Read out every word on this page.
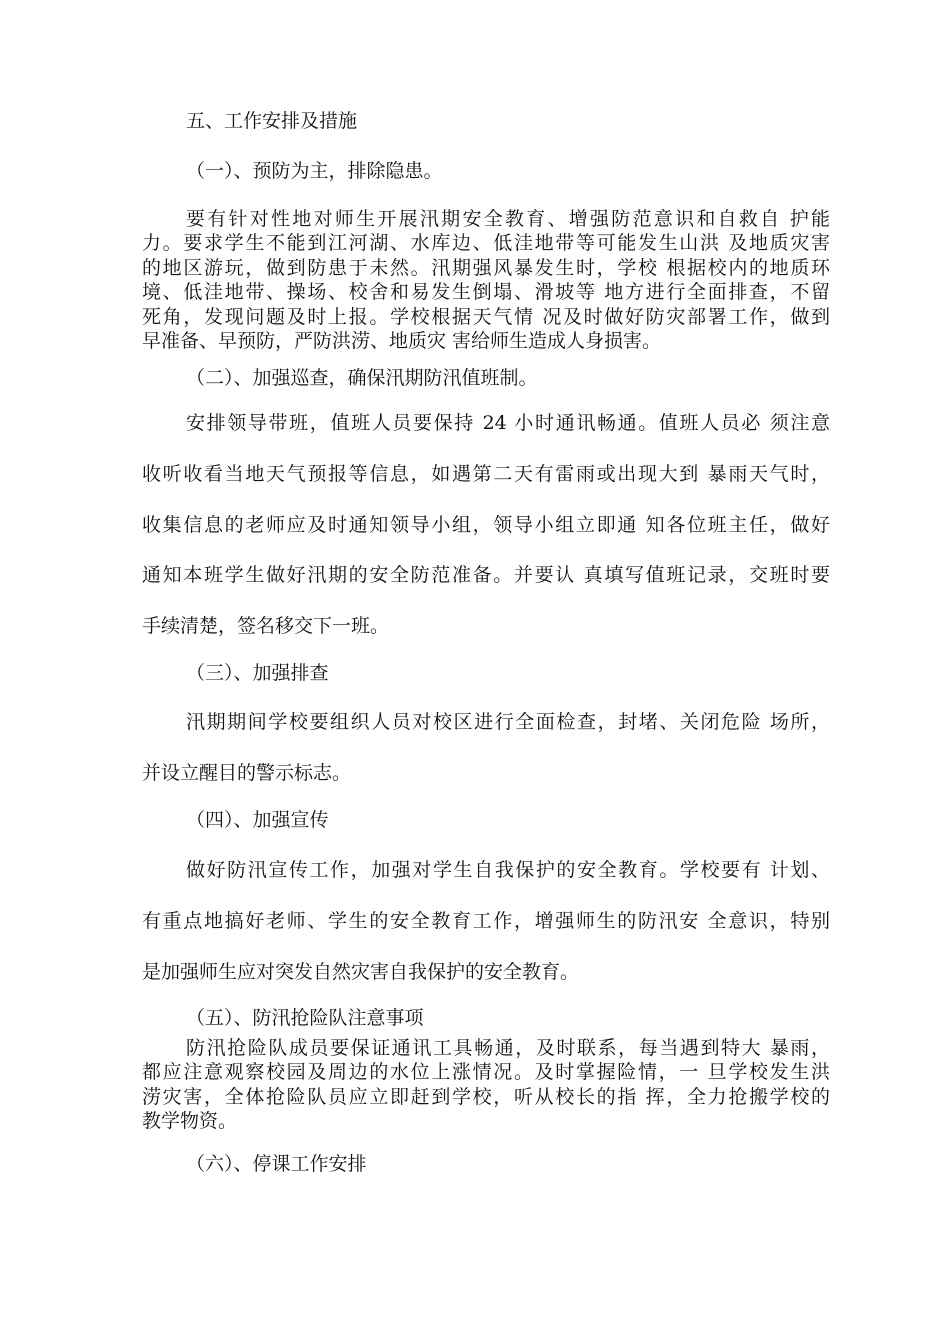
五、工作安排及措施
（一）、预防为主，排除隐患。
要有针对性地对师生开展汛期安全教育、增强防范意识和自救自 护能
力。要求学生不能到江河湖、水库边、低洼地带等可能发生山洪 及地质灾害
的地区游玩，做到防患于未然。汛期强风暴发生时，学校 根据校内的地质环
境、低洼地带、操场、校舍和易发生倒塌、滑坡等 地方进行全面排查，不留
死角，发现问题及时上报。学校根据天气情 况及时做好防灾部署工作，做到
早准备、早预防，严防洪涝、地质灾 害给师生造成人身损害。
（二）、加强巡查，确保汛期防汛值班制。
安排领导带班，值班人员要保持 24 小时通讯畅通。值班人员必 须注意
收听收看当地天气预报等信息，如遇第二天有雷雨或出现大到 暴雨天气时，
收集信息的老师应及时通知领导小组，领导小组立即通 知各位班主任，做好
通知本班学生做好汛期的安全防范准备。并要认 真填写值班记录，交班时要
手续清楚，签名移交下一班。
（三）、加强排查
汛期期间学校要组织人员对校区进行全面检查，封堵、关闭危险 场所，
并设立醒目的警示标志。
（四）、加强宣传
做好防汛宣传工作，加强对学生自我保护的安全教育。学校要有 计划、
有重点地搞好老师、学生的安全教育工作，增强师生的防汛安 全意识，特别
是加强师生应对突发自然灾害自我保护的安全教育。
（五）、防汛抢险队注意事项
防汛抢险队成员要保证通讯工具畅通，及时联系，每当遇到特大 暴雨，
都应注意观察校园及周边的水位上涨情况。及时掌握险情，一 旦学校发生洪
涝灾害，全体抢险队员应立即赶到学校，听从校长的指 挥，全力抢搬学校的
教学物资。
（六）、停课工作安排
